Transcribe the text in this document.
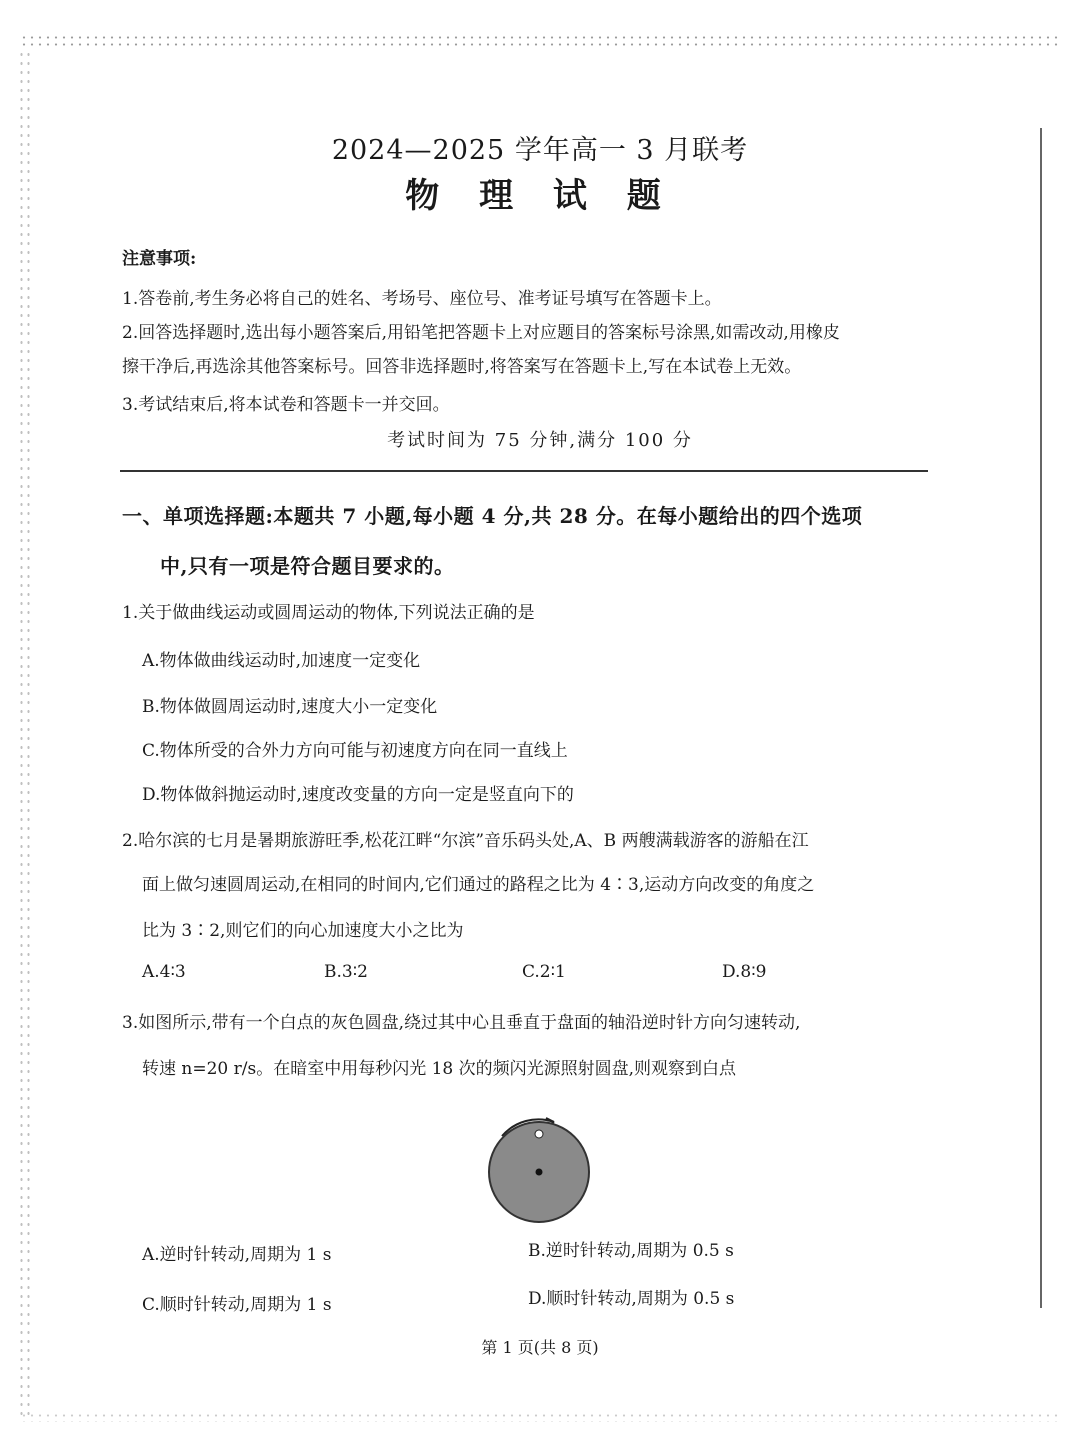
2024—2025 学年高一 3 月联考
物 理 试 题
注意事项:
1.答卷前,考生务必将自己的姓名、考场号、座位号、准考证号填写在答题卡上。
2.回答选择题时,选出每小题答案后,用铅笔把答题卡上对应题目的答案标号涂黑,如需改动,用橡皮
擦干净后,再选涂其他答案标号。回答非选择题时,将答案写在答题卡上,写在本试卷上无效。
3.考试结束后,将本试卷和答题卡一并交回。
考试时间为 75 分钟,满分 100 分
一、单项选择题:本题共 7 小题,每小题 4 分,共 28 分。在每小题给出的四个选项
中,只有一项是符合题目要求的。
1.关于做曲线运动或圆周运动的物体,下列说法正确的是
A.物体做曲线运动时,加速度一定变化
B.物体做圆周运动时,速度大小一定变化
C.物体所受的合外力方向可能与初速度方向在同一直线上
D.物体做斜抛运动时,速度改变量的方向一定是竖直向下的
2.哈尔滨的七月是暑期旅游旺季,松花江畔“尔滨”音乐码头处,A、B 两艘满载游客的游船在江
面上做匀速圆周运动,在相同的时间内,它们通过的路程之比为 4∶3,运动方向改变的角度之
比为 3∶2,则它们的向心加速度大小之比为
A.4∶3	B.3∶2	C.2∶1	D.8∶9
3.如图所示,带有一个白点的灰色圆盘,绕过其中心且垂直于盘面的轴沿逆时针方向匀速转动,
转速 n=20 r/s。在暗室中用每秒闪光 18 次的频闪光源照射圆盘,则观察到白点
A.逆时针转动,周期为 1 s	B.逆时针转动,周期为 0.5 s
C.顺时针转动,周期为 1 s	D.顺时针转动,周期为 0.5 s
第 1 页(共 8 页)
